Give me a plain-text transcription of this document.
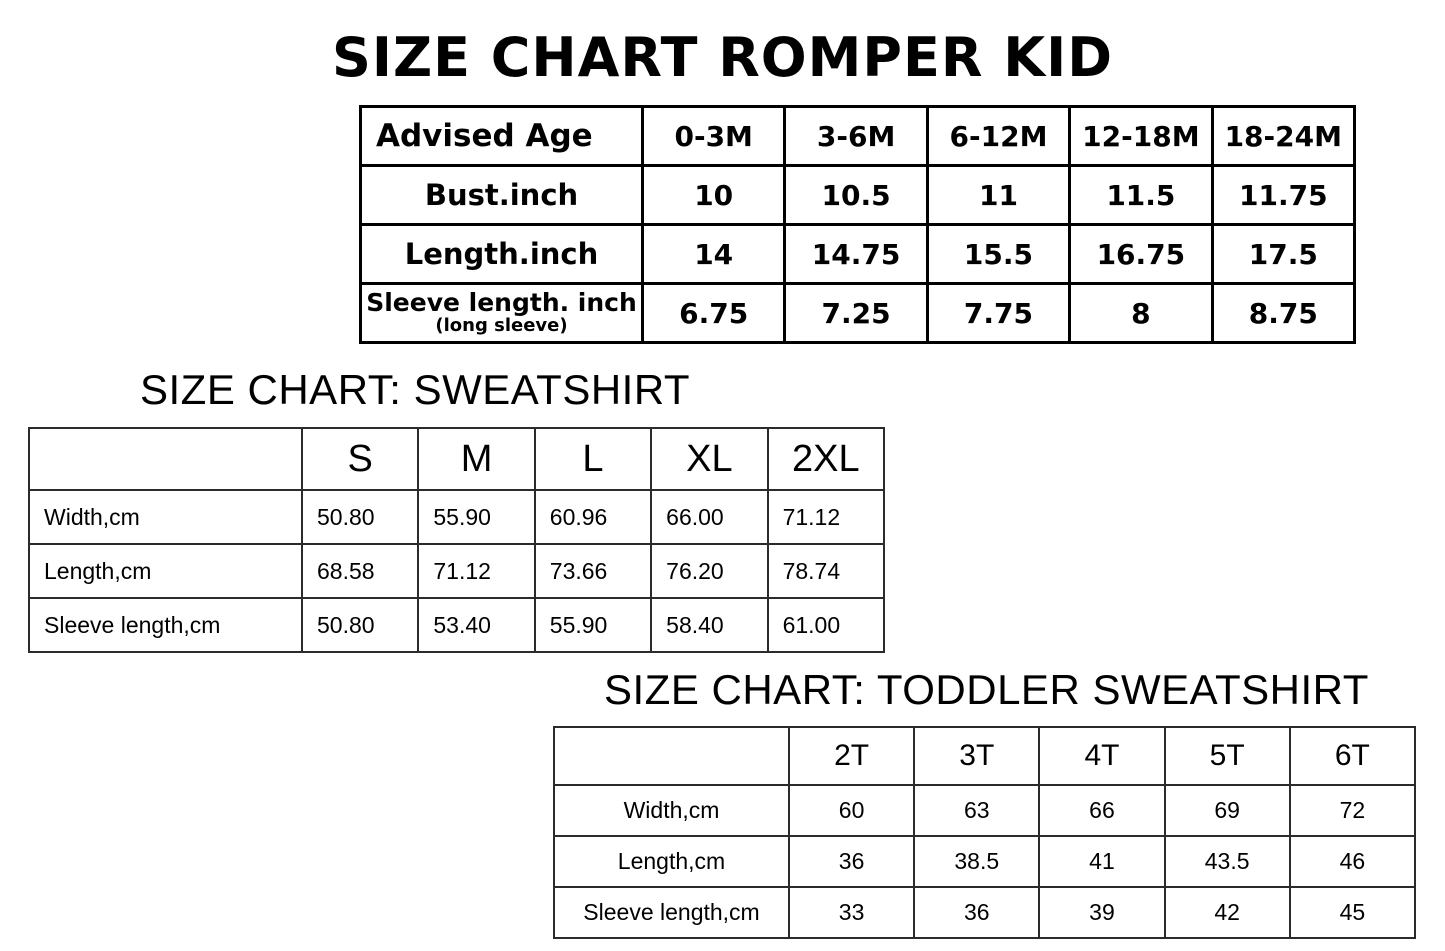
SIZE CHART ROMPER KID
Advised Age	0-3M	3-6M	6-12M	12-18M	18-24M
Bust.inch	10	10.5	11	11.5	11.75
Length.inch	14	14.75	15.5	16.75	17.5

Sleeve length. inch
(long sleeve)	6.75	7.25	7.75	8	8.75
SIZE CHART: SWEATSHIRT
	S	M	L	XL	2XL
Width,cm	50.80	55.90	60.96	66.00	71.12
Length,cm	68.58	71.12	73.66	76.20	78.74
Sleeve length,cm	50.80	53.40	55.90	58.40	61.00
SIZE CHART: TODDLER SWEATSHIRT
	2T	3T	4T	5T	6T
Width,cm	60	63	66	69	72
Length,cm	36	38.5	41	43.5	46
Sleeve length,cm	33	36	39	42	45
